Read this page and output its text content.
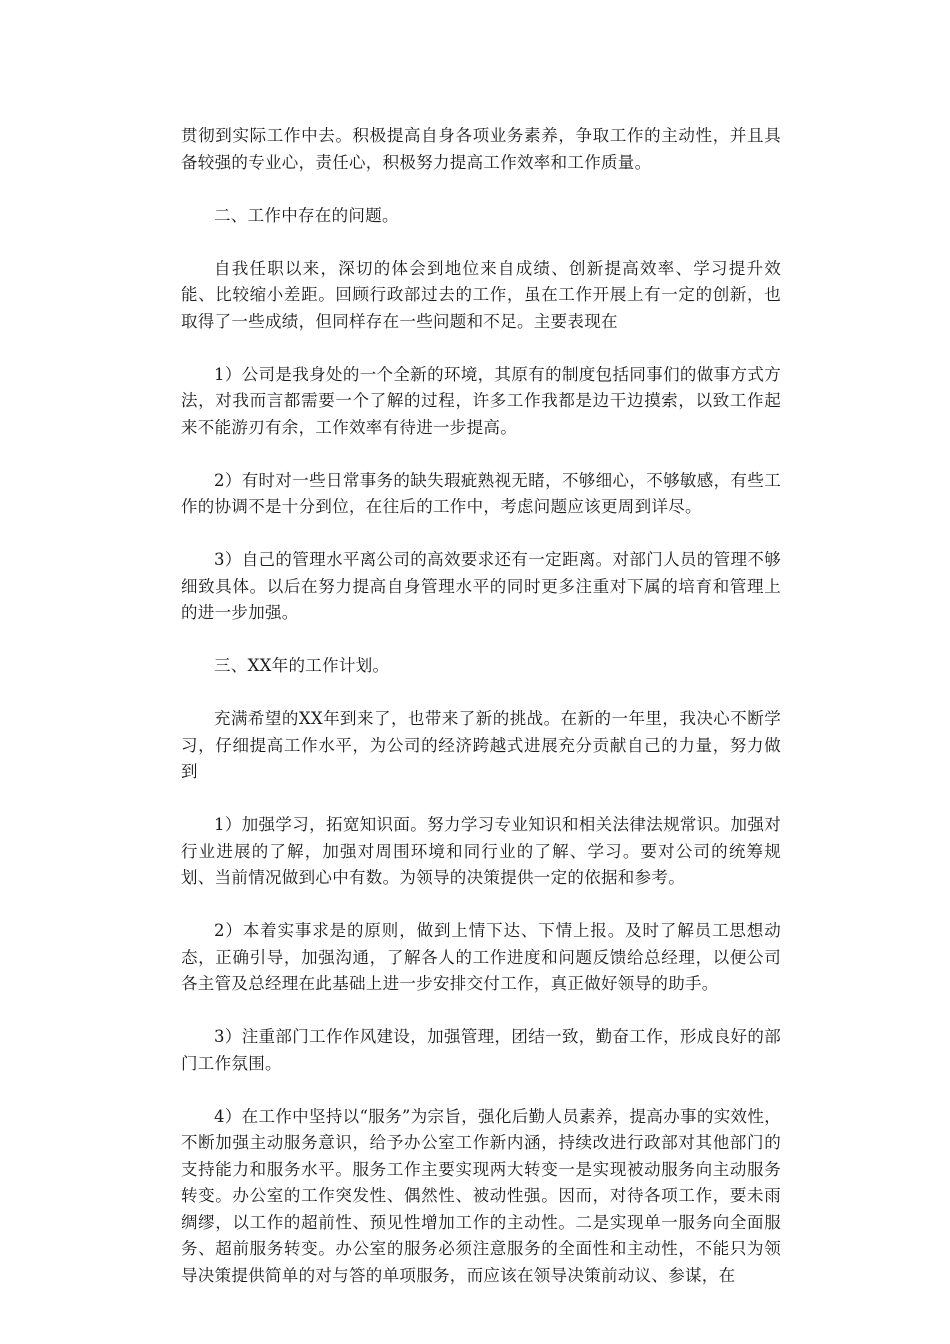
贯彻到实际工作中去。积极提高自身各项业务素养，争取工作的主动性，并且具备较强的专业心，责任心，积极努力提高工作效率和工作质量。

二、工作中存在的问题。

自我任职以来，深切的体会到地位来自成绩、创新提高效率、学习提升效能、比较缩小差距。回顾行政部过去的工作，虽在工作开展上有一定的创新，也取得了一些成绩，但同样存在一些问题和不足。主要表现在

1）公司是我身处的一个全新的环境，其原有的制度包括同事们的做事方式方法，对我而言都需要一个了解的过程，许多工作我都是边干边摸索，以致工作起来不能游刃有余，工作效率有待进一步提高。

2）有时对一些日常事务的缺失瑕疵熟视无睹，不够细心，不够敏感，有些工作的协调不是十分到位，在往后的工作中，考虑问题应该更周到详尽。

3）自己的管理水平离公司的高效要求还有一定距离。对部门人员的管理不够细致具体。以后在努力提高自身管理水平的同时更多注重对下属的培育和管理上的进一步加强。

三、XX年的工作计划。

充满希望的XX年到来了，也带来了新的挑战。在新的一年里，我决心不断学习，仔细提高工作水平，为公司的经济跨越式进展充分贡献自己的力量，努力做到

1）加强学习，拓宽知识面。努力学习专业知识和相关法律法规常识。加强对行业进展的了解，加强对周围环境和同行业的了解、学习。要对公司的统筹规划、当前情况做到心中有数。为领导的决策提供一定的依据和参考。

2）本着实事求是的原则，做到上情下达、下情上报。及时了解员工思想动态，正确引导，加强沟通，了解各人的工作进度和问题反馈给总经理，以便公司各主管及总经理在此基础上进一步安排交付工作，真正做好领导的助手。

3）注重部门工作作风建设，加强管理，团结一致，勤奋工作，形成良好的部门工作氛围。

4）在工作中坚持以“服务”为宗旨，强化后勤人员素养，提高办事的实效性，不断加强主动服务意识，给予办公室工作新内涵，持续改进行政部对其他部门的支持能力和服务水平。服务工作主要实现两大转变一是实现被动服务向主动服务转变。办公室的工作突发性、偶然性、被动性强。因而，对待各项工作，要未雨绸缪，以工作的超前性、预见性增加工作的主动性。二是实现单一服务向全面服务、超前服务转变。办公室的服务必须注意服务的全面性和主动性，不能只为领导决策提供简单的对与答的单项服务，而应该在领导决策前动议、参谋，在
